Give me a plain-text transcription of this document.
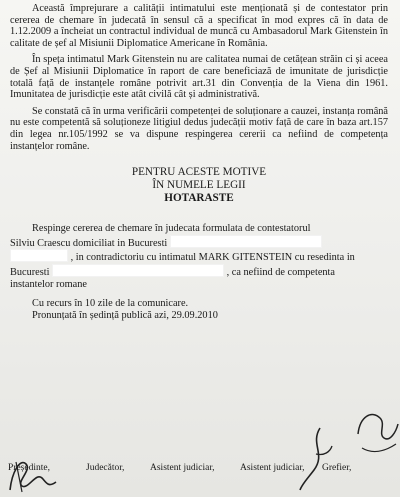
Această împrejurare a calității intimatului este menționată și de contestator prin cererea de chemare în judecată în sensul că a specificat în mod expres că în data de 1.12.2009 a încheiat un contractul individual de muncă cu Ambasadorul Mark Gitenstein în calitate de șef al Misiunii Diplomatice Americane în România.

În speța intimatul Mark Gitenstein nu are calitatea numai de cetățean străin ci și aceea de Șef al Misiunii Diplomatice în raport de care beneficiază de imunitate de jurisdicție totală față de instanțele române potrivit art.31 din Convenția de la Viena din 1961. Imunitatea de jurisdicție este atât civilă cât și administrativă.

Se constată că în urma verificării competenței de soluționare a cauzei, instanța română nu este competentă să soluționeze litigiul dedus judecății motiv față de care în baza art.157 din legea nr.105/1992 se va dispune respingerea cererii ca nefiind de competența instanțelor române.

PENTRU ACESTE MOTIVE
ÎN NUMELE LEGII
HOTARASTE

Respinge cererea de chemare în judecata formulata de contestatorul

Silviu Craescu domiciliat in Bucuresti
, in contradictoriu cu intimatul MARK GITENSTEIN cu resedinta in
Bucuresti	, ca nefiind de competenta
instantelor romane

Cu recurs în 10 zile de la comunicare.

Pronunțată în ședință publică azi, 29.09.2010

Președinte,	Judecător,	Asistent judiciar,	Asistent judiciar, Grefier,
